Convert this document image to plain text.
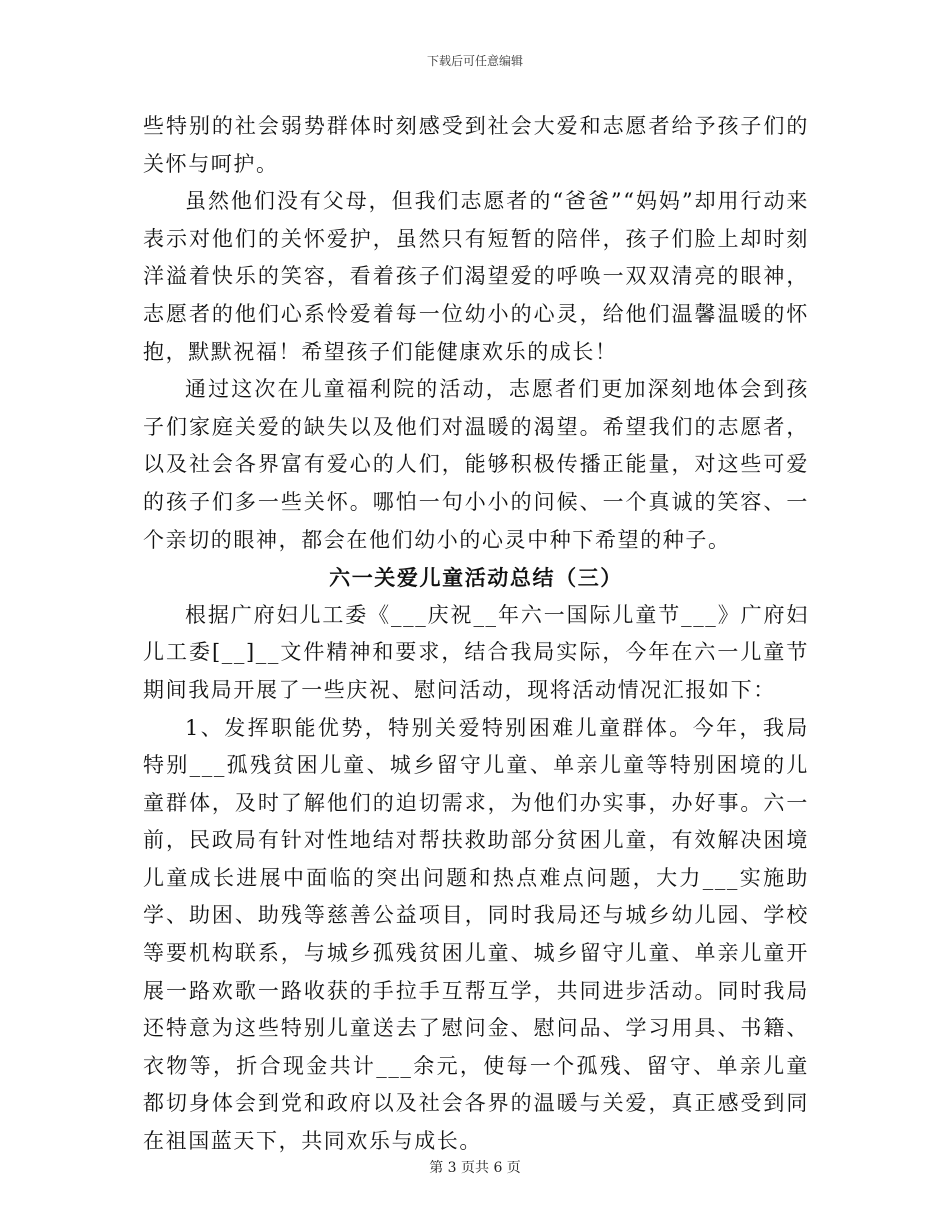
下载后可任意编辑

些特别的社会弱势群体时刻感受到社会大爱和志愿者给予孩子们的关怀与呵护。

虽然他们没有父母，但我们志愿者的“爸爸”“妈妈”却用行动来表示对他们的关怀爱护，虽然只有短暂的陪伴，孩子们脸上却时刻洋溢着快乐的笑容，看着孩子们渴望爱的呼唤一双双清亮的眼神，志愿者的他们心系怜爱着每一位幼小的心灵，给他们温馨温暖的怀抱，默默祝福！希望孩子们能健康欢乐的成长！

通过这次在儿童福利院的活动，志愿者们更加深刻地体会到孩子们家庭关爱的缺失以及他们对温暖的渴望。希望我们的志愿者，以及社会各界富有爱心的人们，能够积极传播正能量，对这些可爱的孩子们多一些关怀。哪怕一句小小的问候、一个真诚的笑容、一个亲切的眼神，都会在他们幼小的心灵中种下希望的种子。

六一关爱儿童活动总结（三）

根据广府妇儿工委《___庆祝__年六一国际儿童节___》广府妇儿工委[__]__文件精神和要求，结合我局实际，今年在六一儿童节期间我局开展了一些庆祝、慰问活动，现将活动情况汇报如下：

1、发挥职能优势，特别关爱特别困难儿童群体。今年，我局特别___孤残贫困儿童、城乡留守儿童、单亲儿童等特别困境的儿童群体，及时了解他们的迫切需求，为他们办实事，办好事。六一前，民政局有针对性地结对帮扶救助部分贫困儿童，有效解决困境儿童成长进展中面临的突出问题和热点难点问题，大力___实施助学、助困、助残等慈善公益项目，同时我局还与城乡幼儿园、学校等要机构联系，与城乡孤残贫困儿童、城乡留守儿童、单亲儿童开展一路欢歌一路收获的手拉手互帮互学，共同进步活动。同时我局还特意为这些特别儿童送去了慰问金、慰问品、学习用具、书籍、衣物等，折合现金共计___余元，使每一个孤残、留守、单亲儿童都切身体会到党和政府以及社会各界的温暖与关爱，真正感受到同在祖国蓝天下，共同欢乐与成长。

第 3 页共 6 页
